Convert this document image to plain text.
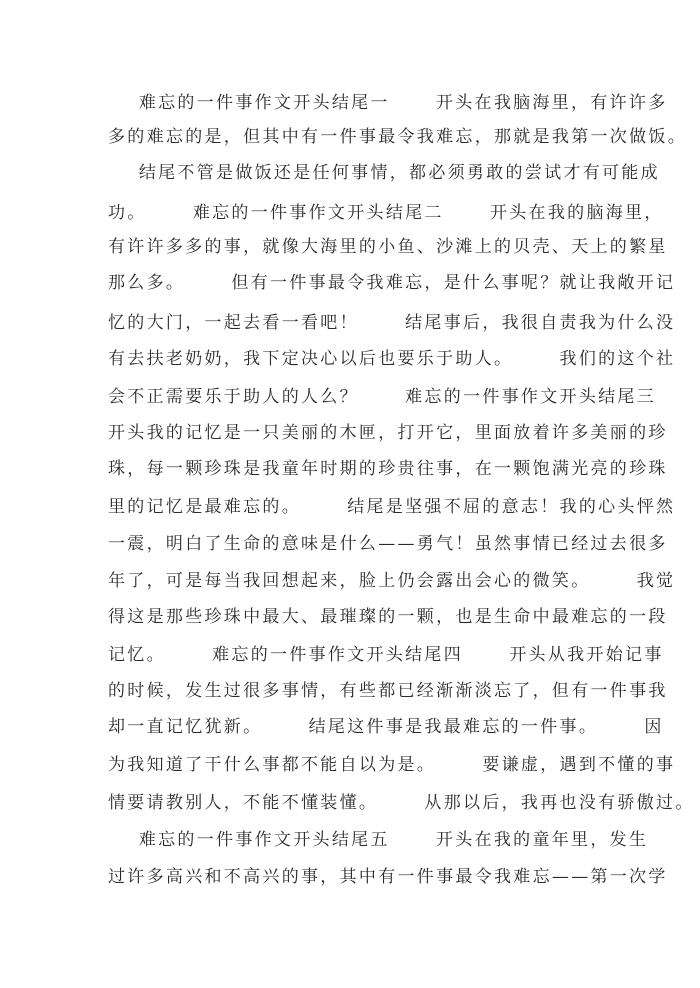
难忘的一件事作文开头结尾一      开头在我脑海里，有许许多
多的难忘的是，但其中有一件事最令我难忘，那就是我第一次做饭。
结尾不管是做饭还是任何事情，都必须勇敢的尝试才有可能成
功。      难忘的一件事作文开头结尾二      开头在我的脑海里，
有许许多多的事，就像大海里的小鱼、沙滩上的贝壳、天上的繁星
那么多。      但有一件事最令我难忘，是什么事呢？就让我敞开记
忆的大门，一起去看一看吧！      结尾事后，我很自责我为什么没
有去扶老奶奶，我下定决心以后也要乐于助人。      我们的这个社
会不正需要乐于助人的人么？      难忘的一件事作文开头结尾三
开头我的记忆是一只美丽的木匣，打开它，里面放着许多美丽的珍
珠，每一颗珍珠是我童年时期的珍贵往事，在一颗饱满光亮的珍珠
里的记忆是最难忘的。      结尾是坚强不屈的意志！我的心头怦然
一震，明白了生命的意味是什么——勇气！虽然事情已经过去很多
年了，可是每当我回想起来，脸上仍会露出会心的微笑。      我觉
得这是那些珍珠中最大、最璀璨的一颗，也是生命中最难忘的一段
记忆。      难忘的一件事作文开头结尾四      开头从我开始记事
的时候，发生过很多事情，有些都已经渐渐淡忘了，但有一件事我
却一直记忆犹新。      结尾这件事是我最难忘的一件事。      因
为我知道了干什么事都不能自以为是。      要谦虚，遇到不懂的事
情要请教别人，不能不懂装懂。      从那以后，我再也没有骄傲过。
难忘的一件事作文开头结尾五      开头在我的童年里，发生
过许多高兴和不高兴的事，其中有一件事最令我难忘——第一次学
